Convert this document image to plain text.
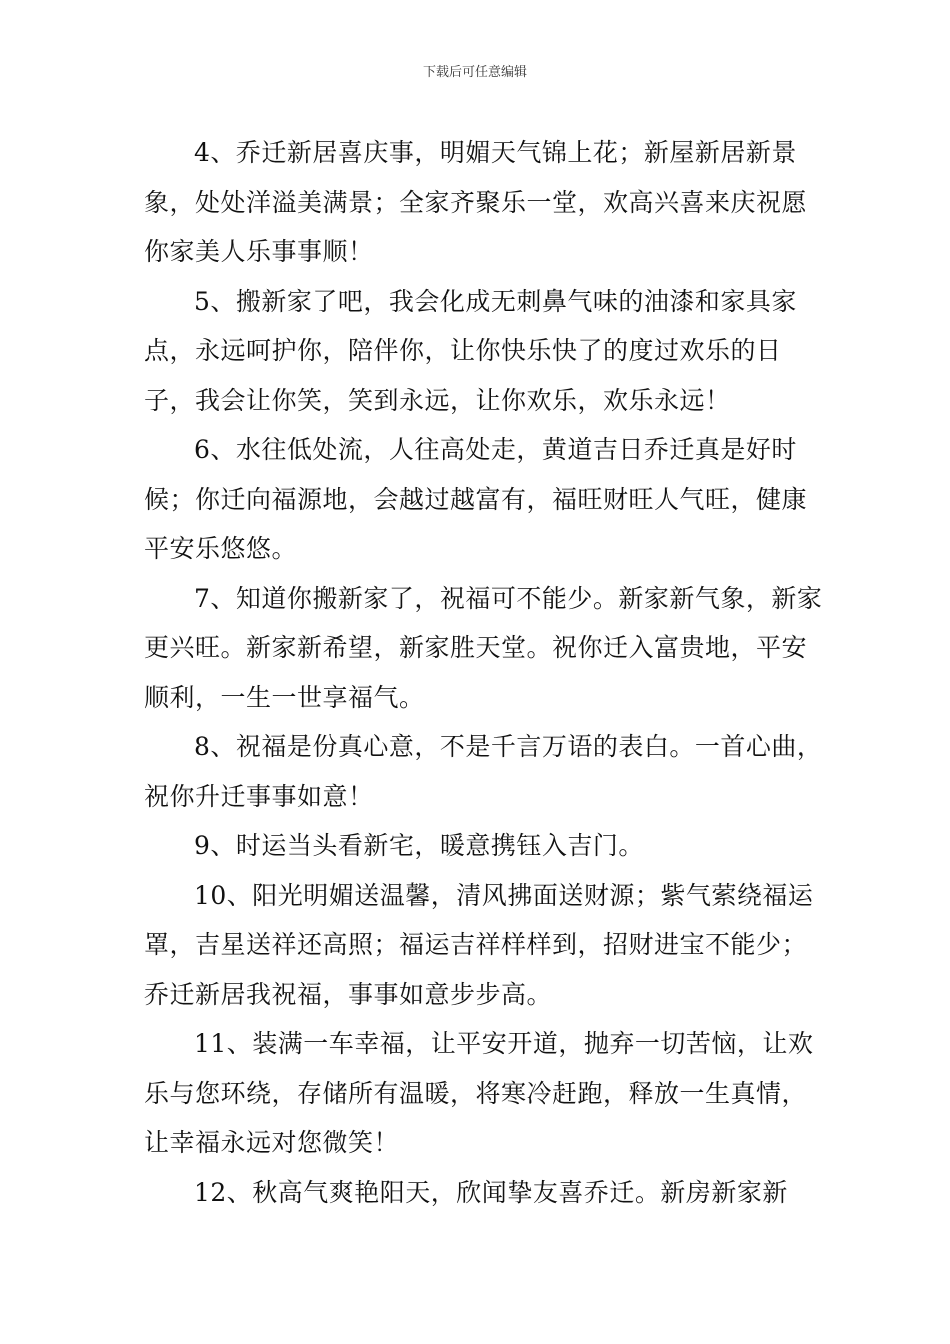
下载后可任意编辑

4、乔迁新居喜庆事，明媚天气锦上花；新屋新居新景象，处处洋溢美满景；全家齐聚乐一堂，欢高兴喜来庆祝愿你家美人乐事事顺！

5、搬新家了吧，我会化成无刺鼻气味的油漆和家具家点，永远呵护你，陪伴你，让你快乐快了的度过欢乐的日子，我会让你笑，笑到永远，让你欢乐，欢乐永远！

6、水往低处流，人往高处走，黄道吉日乔迁真是好时候；你迁向福源地，会越过越富有，福旺财旺人气旺，健康平安乐悠悠。

7、知道你搬新家了，祝福可不能少。新家新气象，新家更兴旺。新家新希望，新家胜天堂。祝你迁入富贵地，平安顺利，一生一世享福气。

8、祝福是份真心意，不是千言万语的表白。一首心曲，祝你升迁事事如意！

9、时运当头看新宅，暖意携钰入吉门。

10、阳光明媚送温馨，清风拂面送财源；紫气萦绕福运罩，吉星送祥还高照；福运吉祥样样到，招财进宝不能少；乔迁新居我祝福，事事如意步步高。

11、装满一车幸福，让平安开道，抛弃一切苦恼，让欢乐与您环绕，存储所有温暖，将寒冷赶跑，释放一生真情，让幸福永远对您微笑！

12、秋高气爽艳阳天，欣闻挚友喜乔迁。新房新家新
